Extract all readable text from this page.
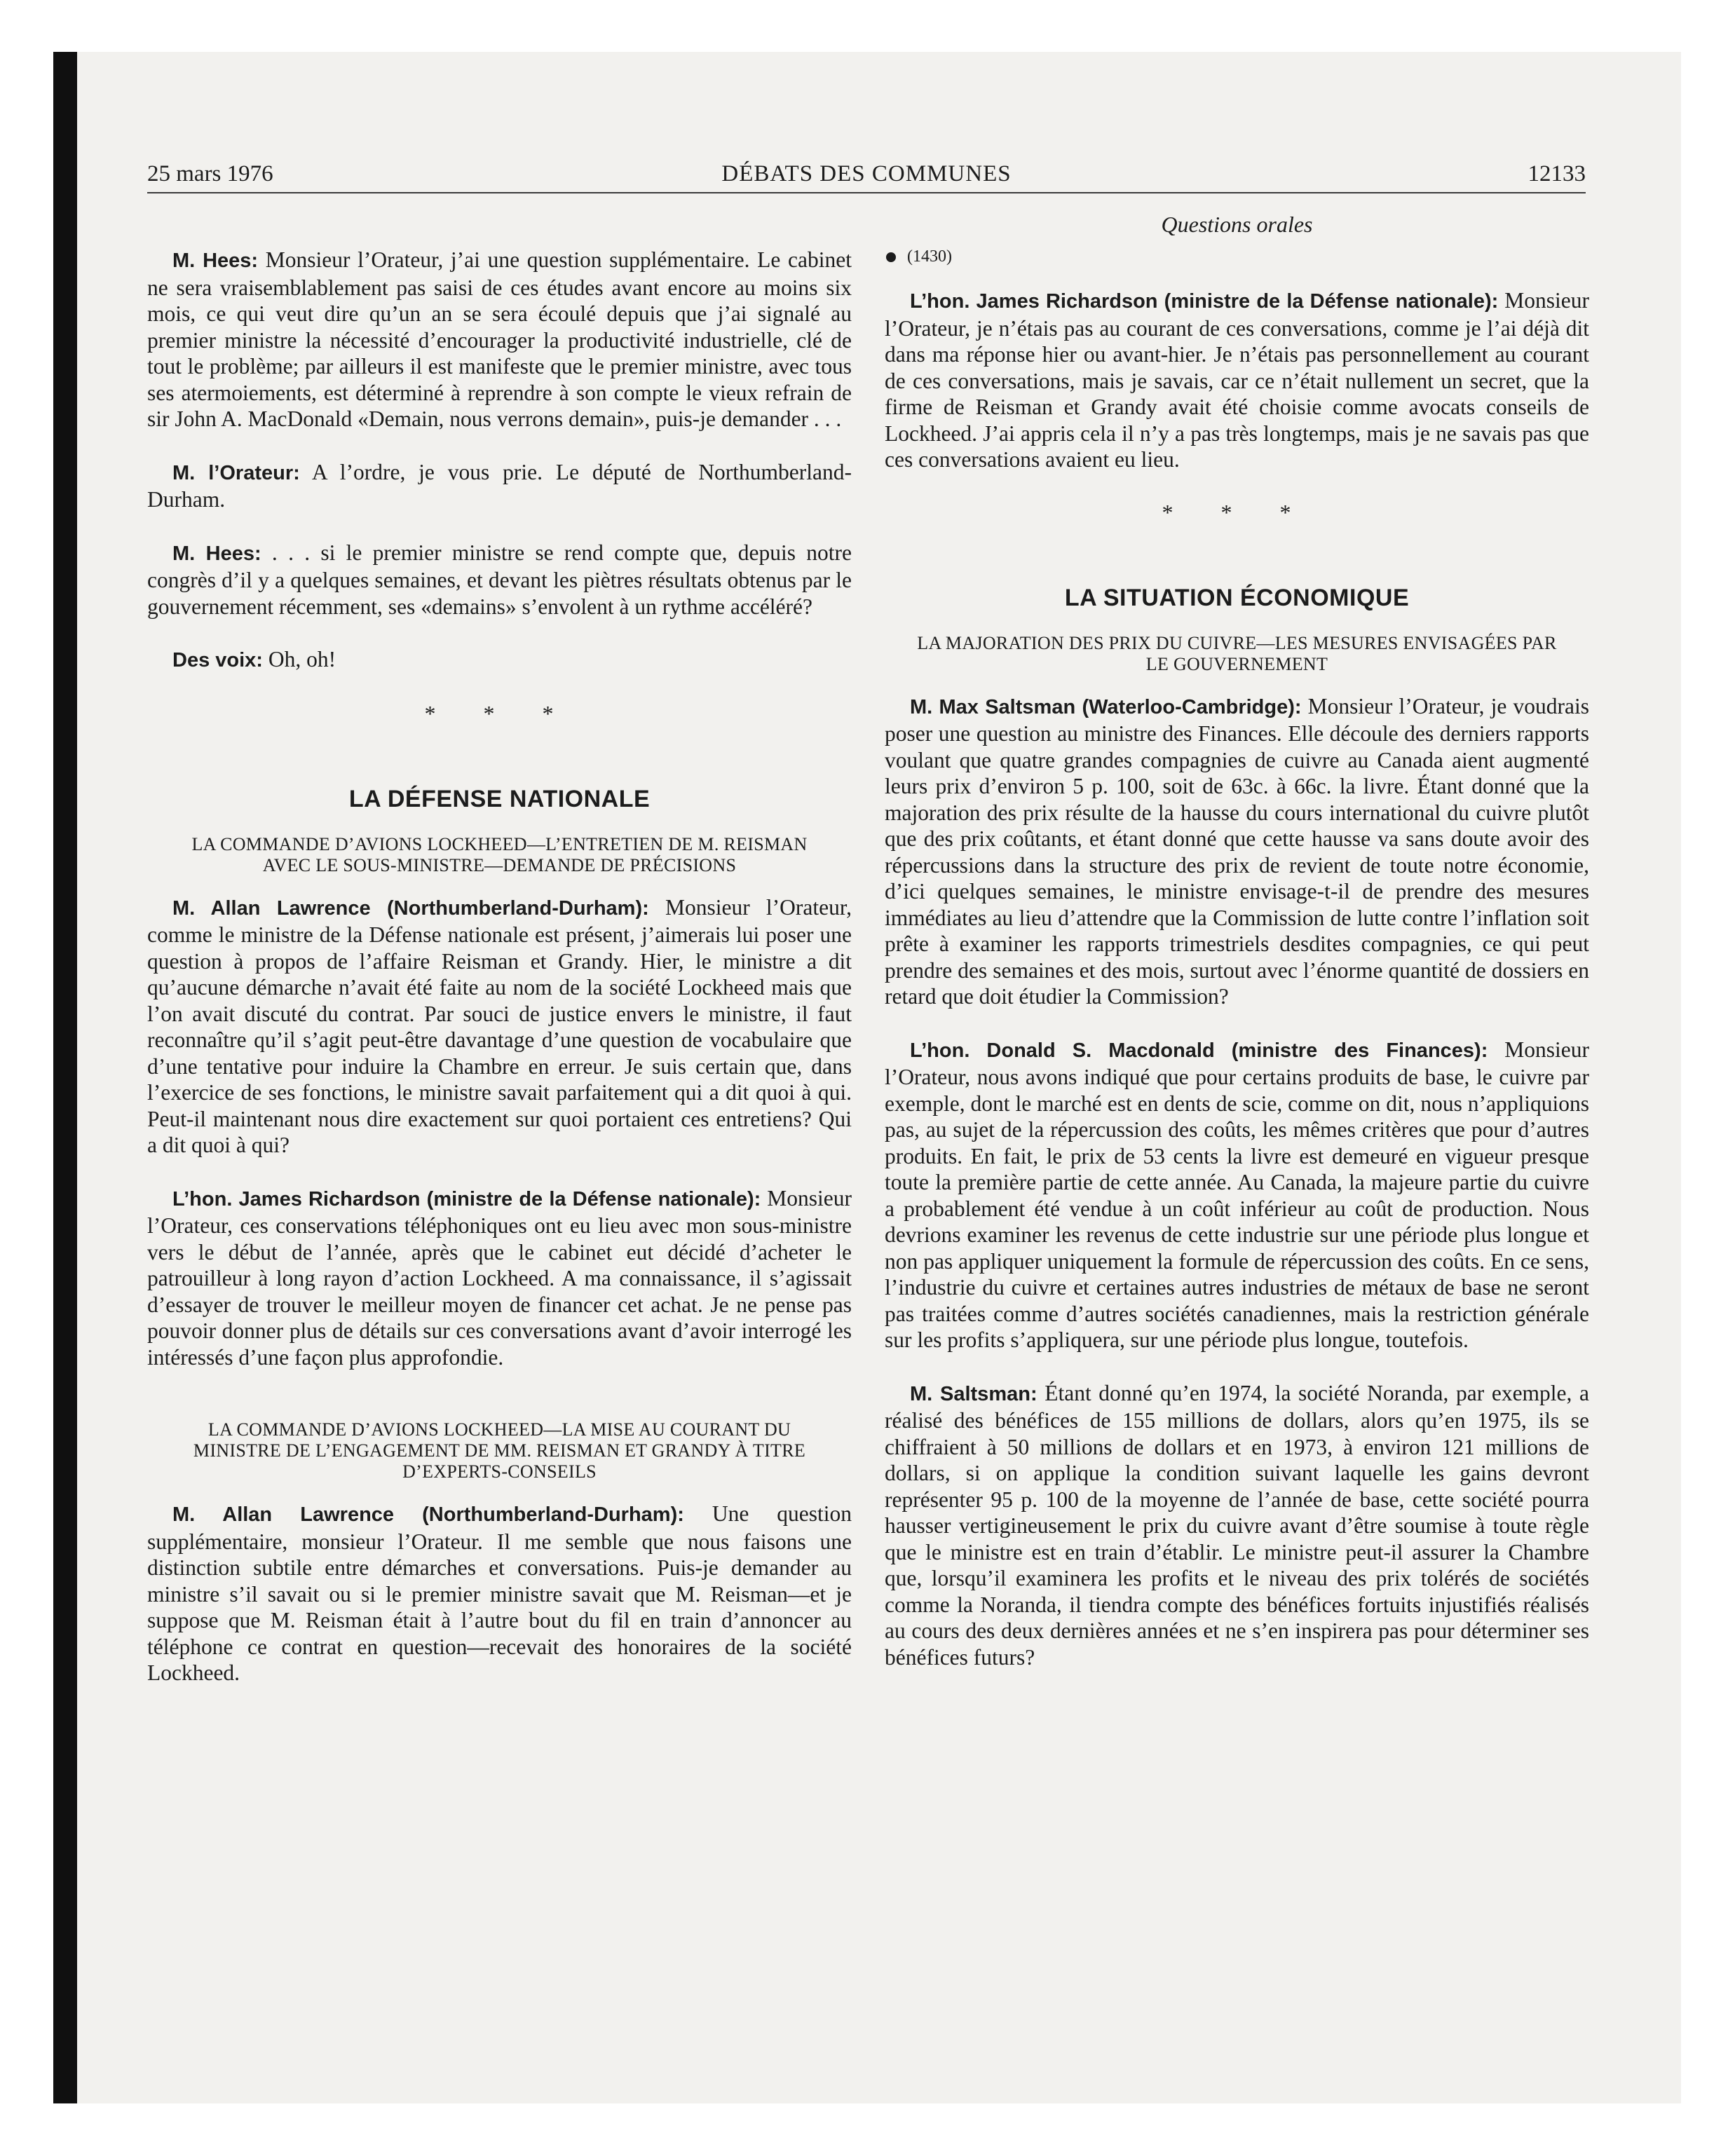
25 mars 1976	DÉBATS DES COMMUNES	12133

M. Hees: Monsieur l’Orateur, j’ai une question supplémentaire. Le cabinet ne sera vraisemblablement pas saisi de ces études avant encore au moins six mois, ce qui veut dire qu’un an se sera écoulé depuis que j’ai signalé au premier ministre la nécessité d’encourager la productivité industrielle, clé de tout le problème; par ailleurs il est manifeste que le premier ministre, avec tous ses atermoiements, est déterminé à reprendre à son compte le vieux refrain de sir John A. MacDonald «Demain, nous verrons demain», puis-je demander . . .

M. l’Orateur: A l’ordre, je vous prie. Le député de Northumberland-Durham.

M. Hees: . . . si le premier ministre se rend compte que, depuis notre congrès d’il y a quelques semaines, et devant les piètres résultats obtenus par le gouvernement récemment, ses «demains» s’envolent à un rythme accéléré?

Des voix: Oh, oh!

* * *
LA DÉFENSE NATIONALE
LA COMMANDE D’AVIONS LOCKHEED—L’ENTRETIEN DE M. REISMAN AVEC LE SOUS-MINISTRE—DEMANDE DE PRÉCISIONS

M. Allan Lawrence (Northumberland-Durham): Monsieur l’Orateur, comme le ministre de la Défense nationale est présent, j’aimerais lui poser une question à propos de l’affaire Reisman et Grandy. Hier, le ministre a dit qu’aucune démarche n’avait été faite au nom de la société Lockheed mais que l’on avait discuté du contrat. Par souci de justice envers le ministre, il faut reconnaître qu’il s’agit peut-être davantage d’une question de vocabulaire que d’une tentative pour induire la Chambre en erreur. Je suis certain que, dans l’exercice de ses fonctions, le ministre savait parfaitement qui a dit quoi à qui. Peut-il maintenant nous dire exactement sur quoi portaient ces entretiens? Qui a dit quoi à qui?

L’hon. James Richardson (ministre de la Défense nationale): Monsieur l’Orateur, ces conservations téléphoniques ont eu lieu avec mon sous-ministre vers le début de l’année, après que le cabinet eut décidé d’acheter le patrouilleur à long rayon d’action Lockheed. A ma connaissance, il s’agissait d’essayer de trouver le meilleur moyen de financer cet achat. Je ne pense pas pouvoir donner plus de détails sur ces conversations avant d’avoir interrogé les intéressés d’une façon plus approfondie.

LA COMMANDE D’AVIONS LOCKHEED—LA MISE AU COURANT DU MINISTRE DE L’ENGAGEMENT DE MM. REISMAN ET GRANDY À TITRE D’EXPERTS-CONSEILS

M. Allan Lawrence (Northumberland-Durham): Une question supplémentaire, monsieur l’Orateur. Il me semble que nous faisons une distinction subtile entre démarches et conversations. Puis-je demander au ministre s’il savait ou si le premier ministre savait que M. Reisman—et je suppose que M. Reisman était à l’autre bout du fil en train d’annoncer au téléphone ce contrat en question—recevait des honoraires de la société Lockheed.

Questions orales
(1430)

L’hon. James Richardson (ministre de la Défense nationale): Monsieur l’Orateur, je n’étais pas au courant de ces conversations, comme je l’ai déjà dit dans ma réponse hier ou avant-hier. Je n’étais pas personnellement au courant de ces conversations, mais je savais, car ce n’était nullement un secret, que la firme de Reisman et Grandy avait été choisie comme avocats conseils de Lockheed. J’ai appris cela il n’y a pas très longtemps, mais je ne savais pas que ces conversations avaient eu lieu.

* * *
LA SITUATION ÉCONOMIQUE
LA MAJORATION DES PRIX DU CUIVRE—LES MESURES ENVISAGÉES PAR LE GOUVERNEMENT

M. Max Saltsman (Waterloo-Cambridge): Monsieur l’Orateur, je voudrais poser une question au ministre des Finances. Elle découle des derniers rapports voulant que quatre grandes compagnies de cuivre au Canada aient augmenté leurs prix d’environ 5 p. 100, soit de 63c. à 66c. la livre. Étant donné que la majoration des prix résulte de la hausse du cours international du cuivre plutôt que des prix coûtants, et étant donné que cette hausse va sans doute avoir des répercussions dans la structure des prix de revient de toute notre économie, d’ici quelques semaines, le ministre envisage-t-il de prendre des mesures immédiates au lieu d’attendre que la Commission de lutte contre l’inflation soit prête à examiner les rapports trimestriels desdites compagnies, ce qui peut prendre des semaines et des mois, surtout avec l’énorme quantité de dossiers en retard que doit étudier la Commission?

L’hon. Donald S. Macdonald (ministre des Finances): Monsieur l’Orateur, nous avons indiqué que pour certains produits de base, le cuivre par exemple, dont le marché est en dents de scie, comme on dit, nous n’appliquions pas, au sujet de la répercussion des coûts, les mêmes critères que pour d’autres produits. En fait, le prix de 53 cents la livre est demeuré en vigueur presque toute la première partie de cette année. Au Canada, la majeure partie du cuivre a probablement été vendue à un coût inférieur au coût de production. Nous devrions examiner les revenus de cette industrie sur une période plus longue et non pas appliquer uniquement la formule de répercussion des coûts. En ce sens, l’industrie du cuivre et certaines autres industries de métaux de base ne seront pas traitées comme d’autres sociétés canadiennes, mais la restriction générale sur les profits s’appliquera, sur une période plus longue, toutefois.

M. Saltsman: Étant donné qu’en 1974, la société Noranda, par exemple, a réalisé des bénéfices de 155 millions de dollars, alors qu’en 1975, ils se chiffraient à 50 millions de dollars et en 1973, à environ 121 millions de dollars, si on applique la condition suivant laquelle les gains devront représenter 95 p. 100 de la moyenne de l’année de base, cette société pourra hausser vertigineusement le prix du cuivre avant d’être soumise à toute règle que le ministre est en train d’établir. Le ministre peut-il assurer la Chambre que, lorsqu’il examinera les profits et le niveau des prix tolérés de sociétés comme la Noranda, il tiendra compte des bénéfices fortuits injustifiés réalisés au cours des deux dernières années et ne s’en inspirera pas pour déterminer ses bénéfices futurs?
